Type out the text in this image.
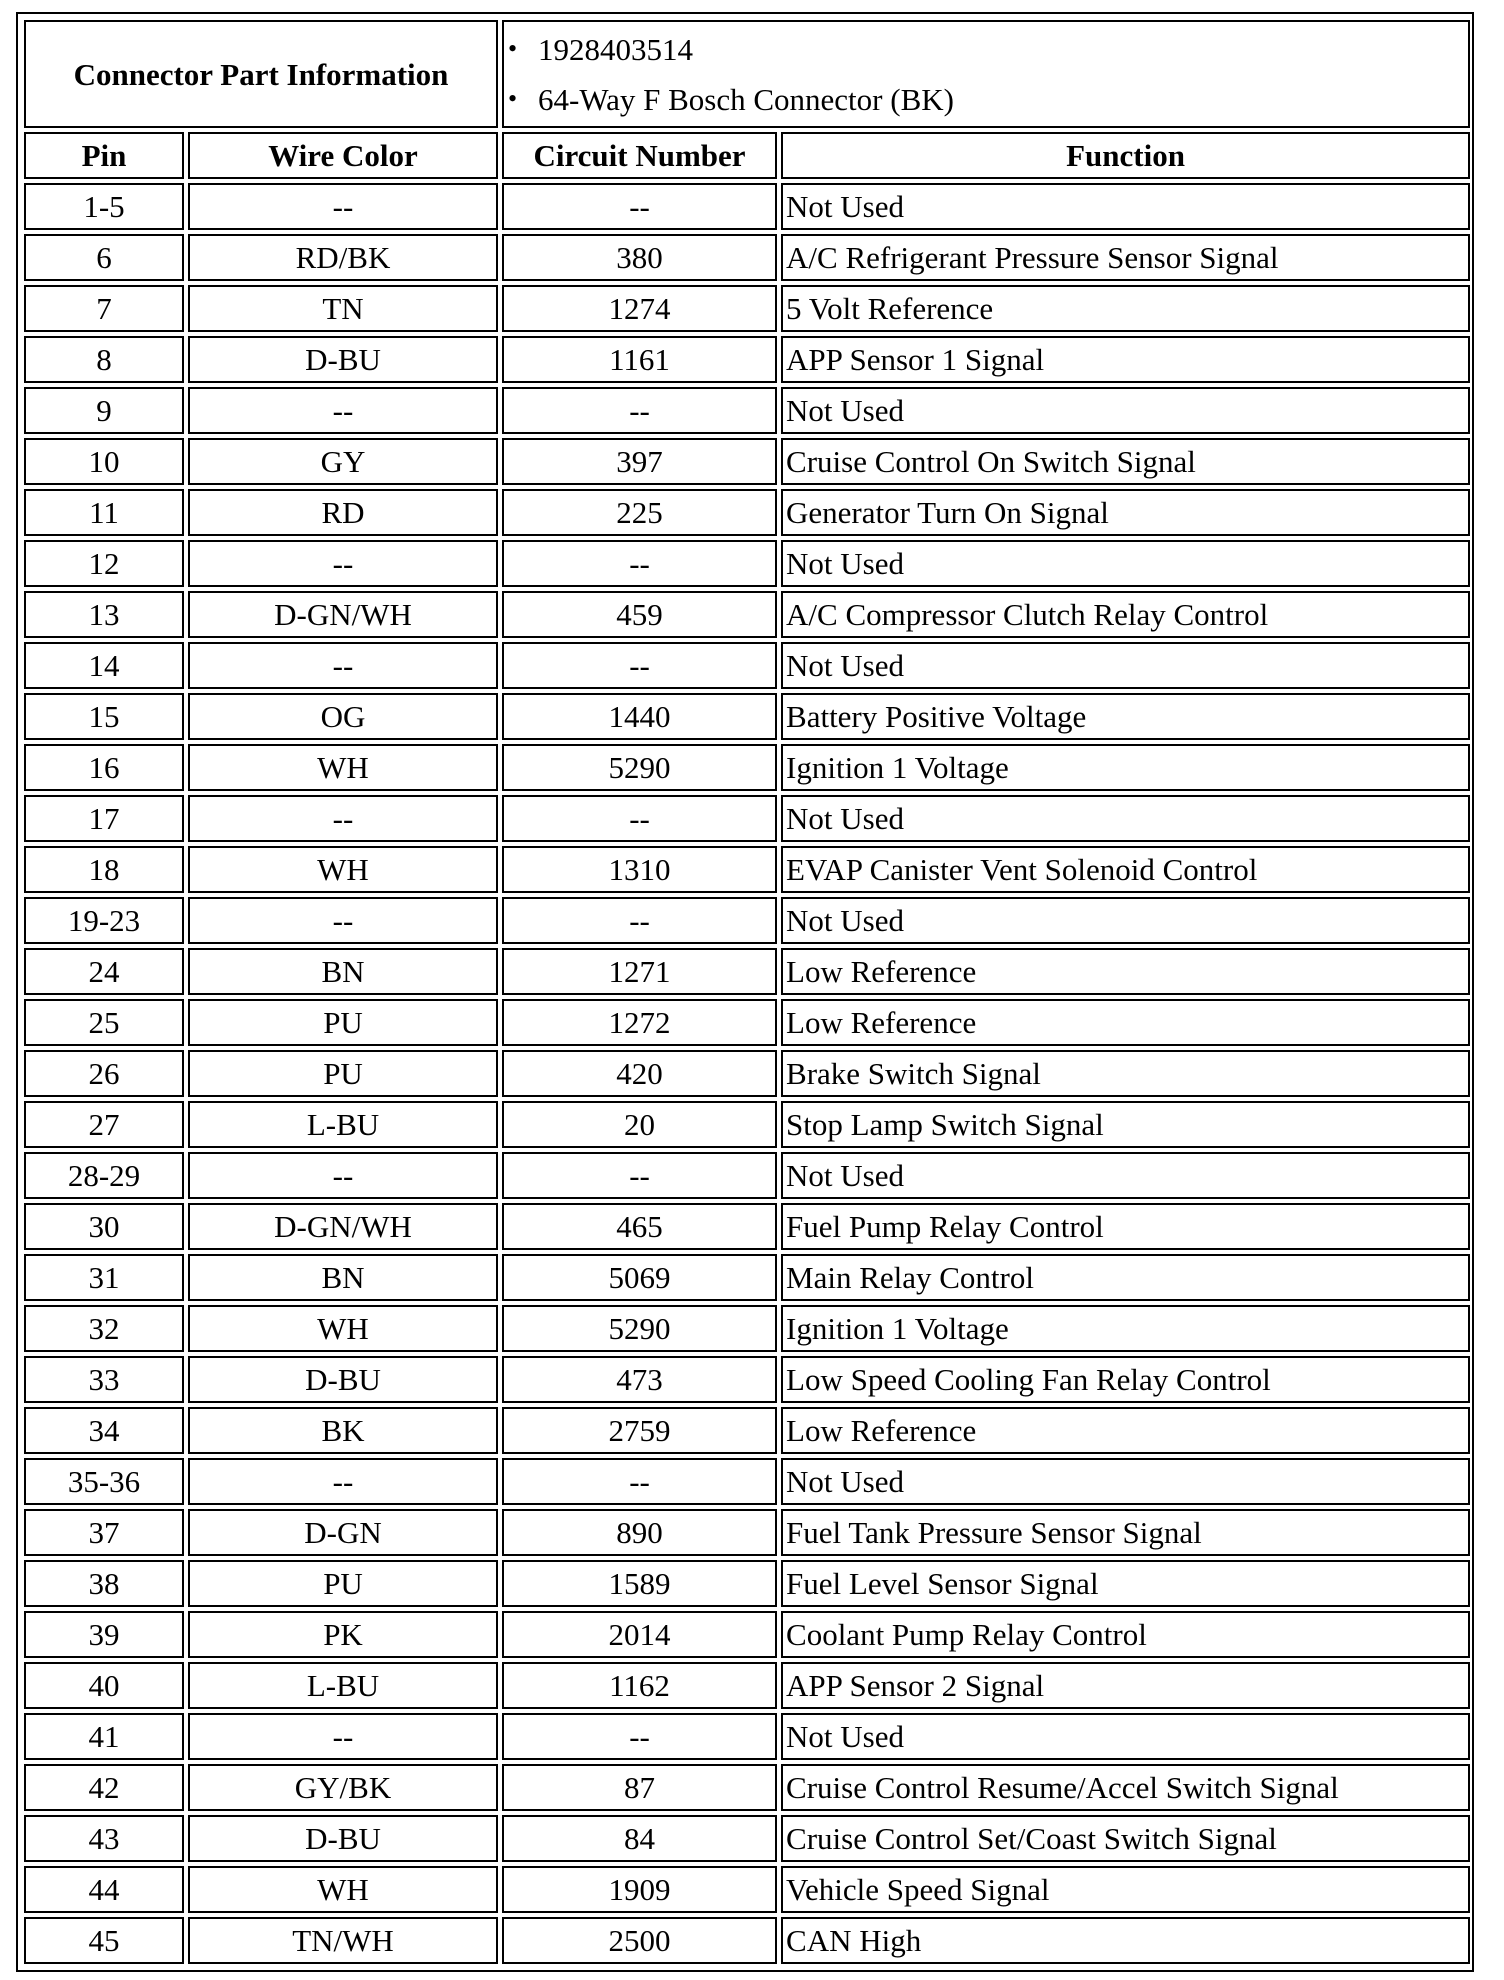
Connector Part Information		• 1928403514
• 64-Way F Bosch Connector (BK)	

Pin	Wire Color	Circuit Number	Function
1-5	--	--	Not Used
6	RD/BK	380	A/C Refrigerant Pressure Sensor Signal
7	TN	1274	5 Volt Reference
8	D-BU	1161	APP Sensor 1 Signal
9	--	--	Not Used
10	GY	397	Cruise Control On Switch Signal
11	RD	225	Generator Turn On Signal
12	--	--	Not Used
13	D-GN/WH	459	A/C Compressor Clutch Relay Control
14	--	--	Not Used
15	OG	1440	Battery Positive Voltage
16	WH	5290	Ignition 1 Voltage
17	--	--	Not Used
18	WH	1310	EVAP Canister Vent Solenoid Control
19-23	--	--	Not Used
24	BN	1271	Low Reference
25	PU	1272	Low Reference
26	PU	420	Brake Switch Signal
27	L-BU	20	Stop Lamp Switch Signal
28-29	--	--	Not Used
30	D-GN/WH	465	Fuel Pump Relay Control
31	BN	5069	Main Relay Control
32	WH	5290	Ignition 1 Voltage
33	D-BU	473	Low Speed Cooling Fan Relay Control
34	BK	2759	Low Reference
35-36	--	--	Not Used
37	D-GN	890	Fuel Tank Pressure Sensor Signal
38	PU	1589	Fuel Level Sensor Signal
39	PK	2014	Coolant Pump Relay Control
40	L-BU	1162	APP Sensor 2 Signal
41	--	--	Not Used
42	GY/BK	87	Cruise Control Resume/Accel Switch Signal
43	D-BU	84	Cruise Control Set/Coast Switch Signal
44	WH	1909	Vehicle Speed Signal
45	TN/WH	2500	CAN High
